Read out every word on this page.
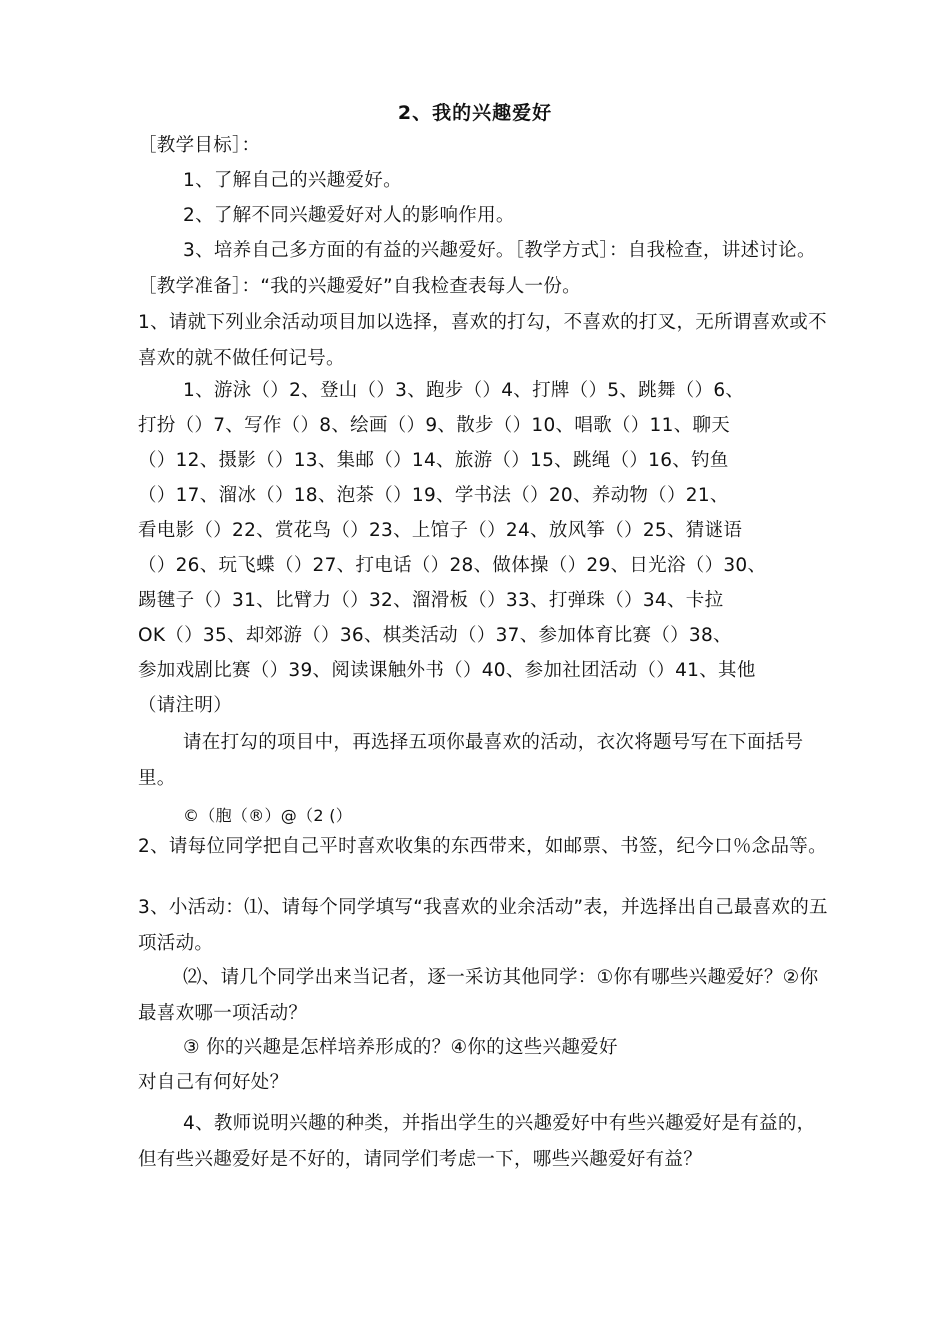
2、我的兴趣爱好

［教学目标］：

1、了解自己的兴趣爱好。

2、了解不同兴趣爱好对人的影响作用。

3、培养自己多方面的有益的兴趣爱好。［教学方式］：自我检查，讲述讨论。［教学准备］：“我的兴趣爱好”自我检查表每人一份。

1、请就下列业余活动项目加以选择，喜欢的打勾，不喜欢的打叉，无所谓喜欢或不喜欢的就不做任何记号。

1、游泳（）2、登山（）3、跑步（）4、打牌（）5、跳舞（）6、

打扮（）7、写作（）8、绘画（）9、散步（）10、唱歌（）11、聊天

（）12、摄影（）13、集邮（）14、旅游（）15、跳绳（）16、钓鱼

（）17、溜冰（）18、泡茶（）19、学书法（）20、养动物（）21、

看电影（）22、赏花鸟（）23、上馆子（）24、放风筝（）25、猜谜语

（）26、玩飞蝶（）27、打电话（）28、做体操（）29、日光浴（）30、

踢毽子（）31、比臂力（）32、溜滑板（）33、打弹珠（）34、卡拉

OK（）35、却郊游（）36、棋类活动（）37、参加体育比赛（）38、

参加戏剧比赛（）39、阅读课触外书（）40、参加社团活动（）41、其他

（请注明）

请在打勾的项目中，再选择五项你最喜欢的活动，衣次将题号写在下面括号里。

©（胞（®）@（2 (）

2、请每位同学把自己平时喜欢收集的东西带来，如邮票、书签，纪今口％念品等。

3、小活动：⑴、请每个同学填写“我喜欢的业余活动”表，并选择出自己最喜欢的五项活动。

⑵、请几个同学出来当记者，逐一采访其他同学：①你有哪些兴趣爱好？②你最喜欢哪一项活动？

③ 你的兴趣是怎样培养形成的？④你的这些兴趣爱好

对自己有何好处？

4、教师说明兴趣的种类，并指出学生的兴趣爱好中有些兴趣爱好是有益的，但有些兴趣爱好是不好的，请同学们考虑一下，哪些兴趣爱好有益？
